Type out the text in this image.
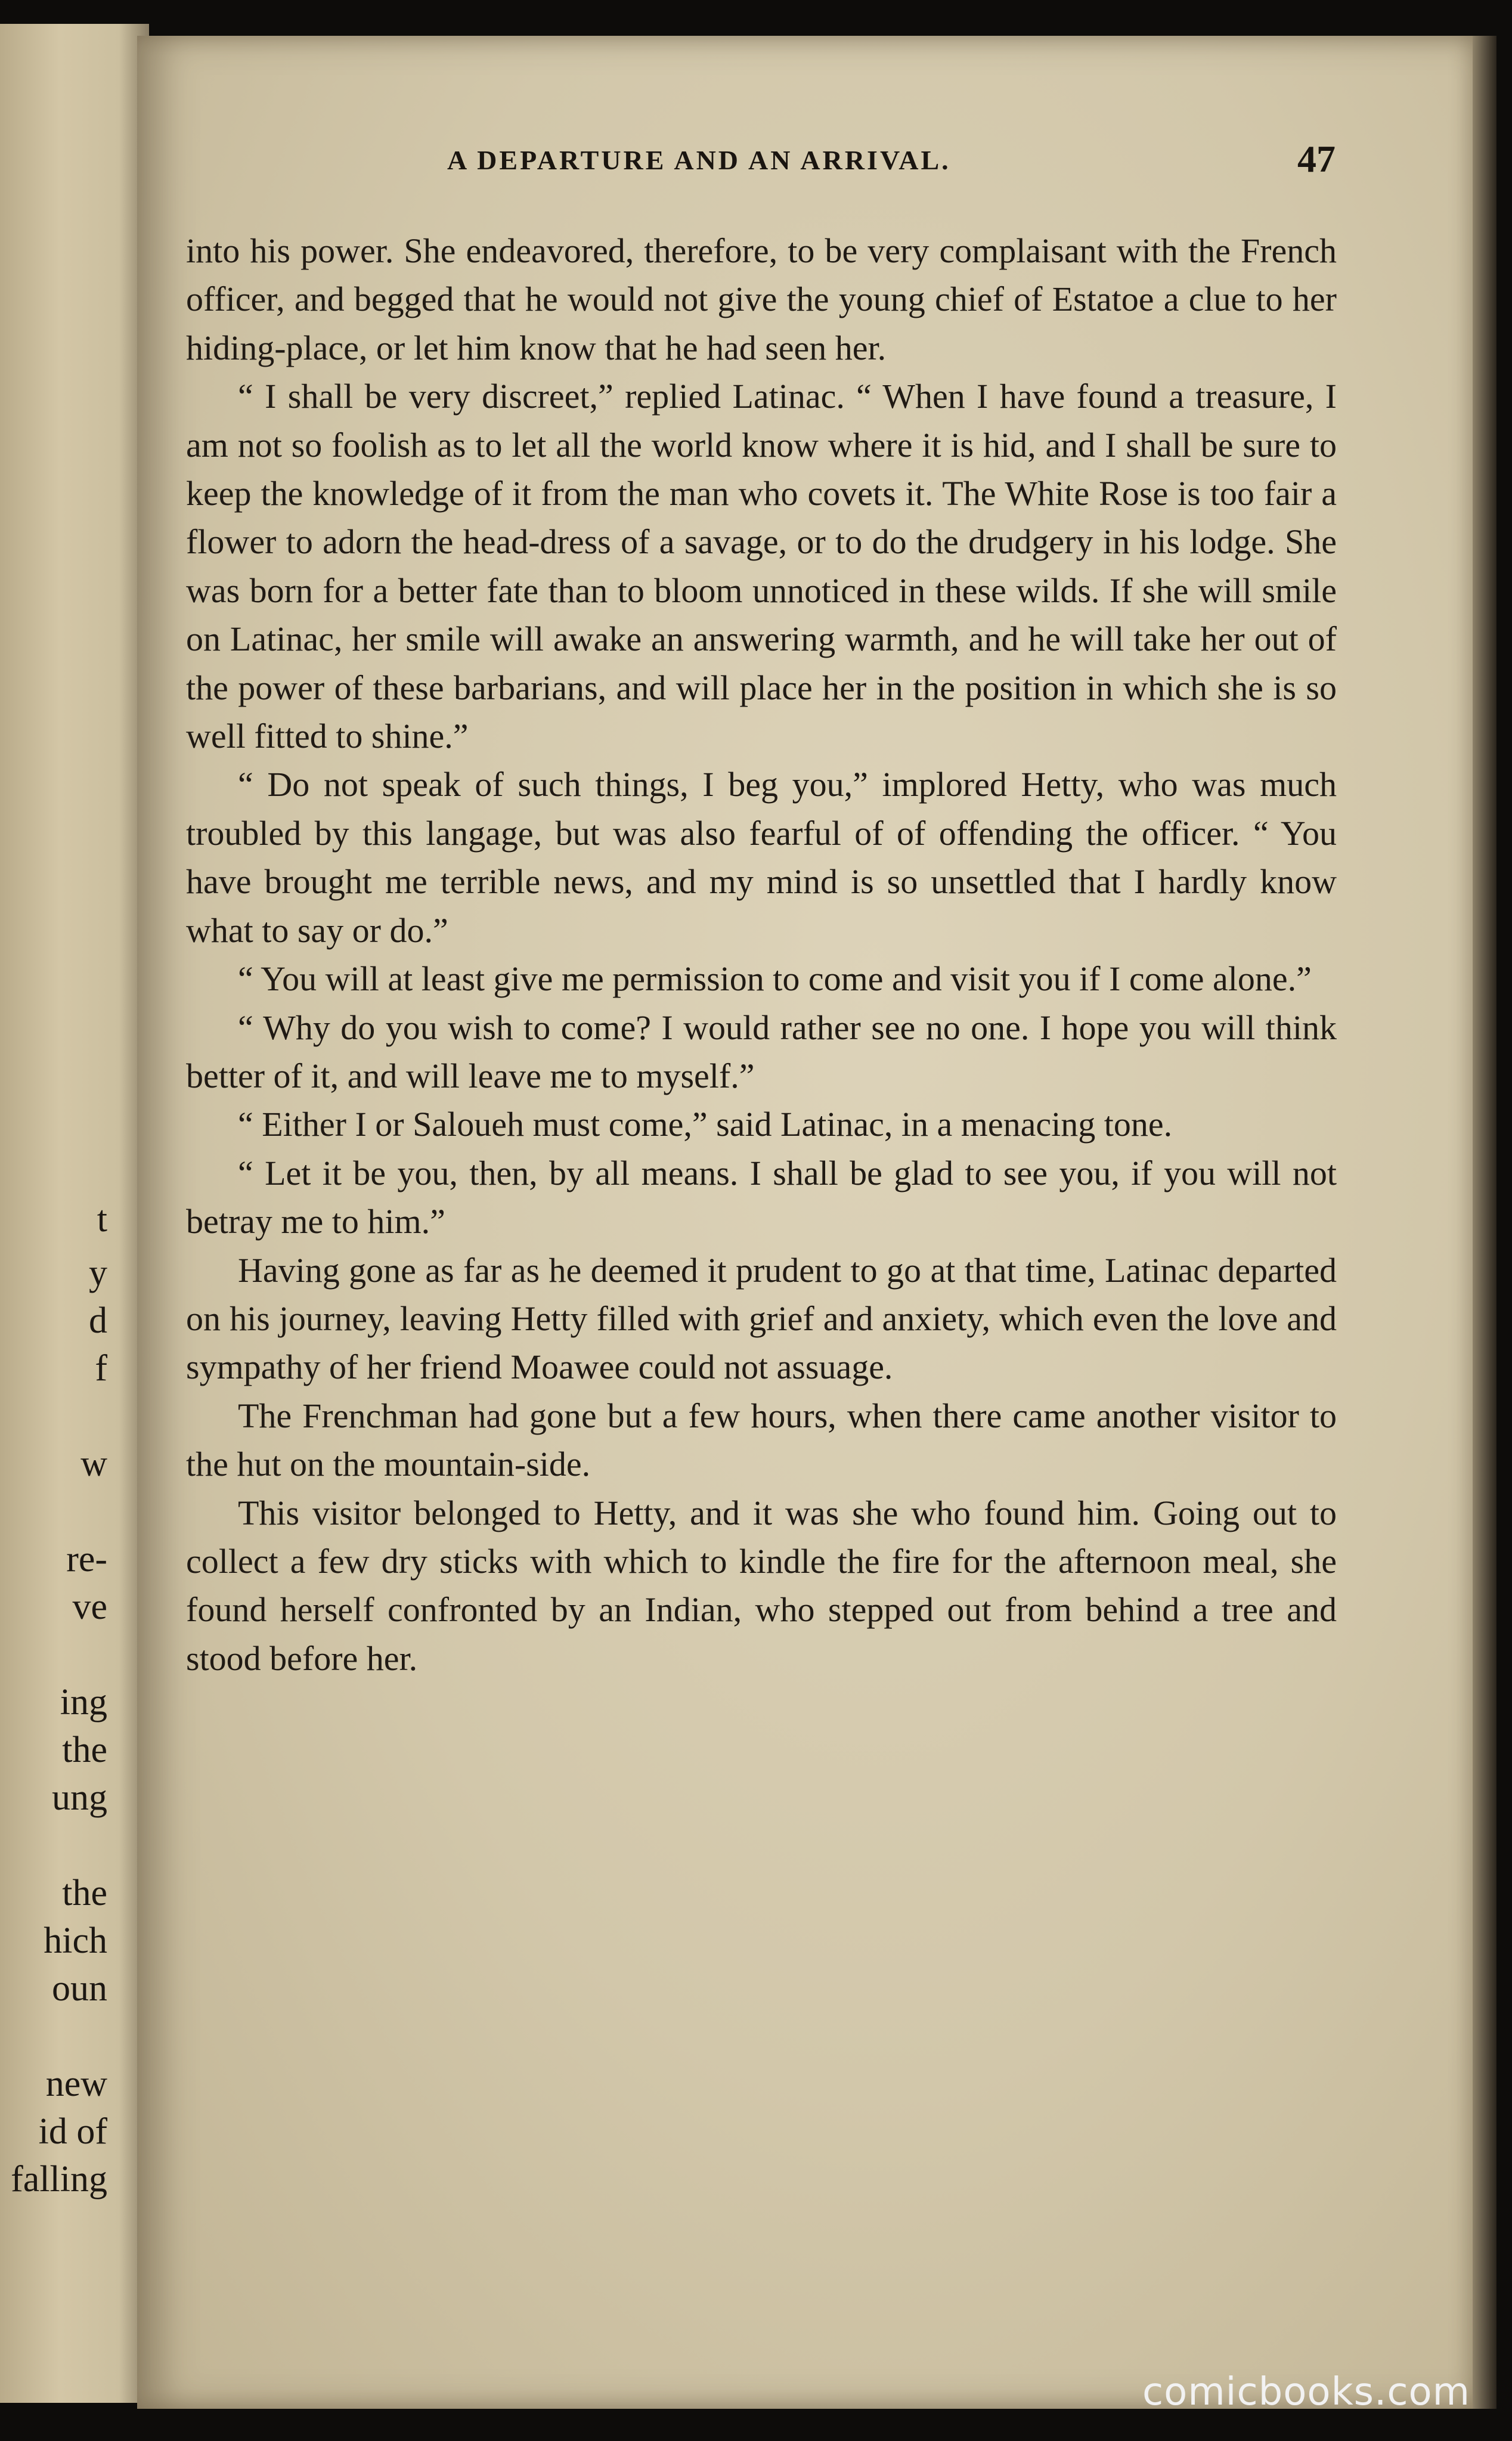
t
y
d
f
w
re-
ve
ing
the
ung
the
hich
oun
new
id of
falling
A DEPARTURE AND AN ARRIVAL.	47

into his power. She endeavored, therefore, to be very complaisant with the French officer, and begged that he would not give the young chief of Estatoe a clue to her hiding-place, or let him know that he had seen her.

“ I shall be very discreet,” replied Latinac. “ When I have found a treasure, I am not so foolish as to let all the world know where it is hid, and I shall be sure to keep the knowledge of it from the man who covets it. The White Rose is too fair a flower to adorn the head-dress of a savage, or to do the drudgery in his lodge. She was born for a better fate than to bloom unnoticed in these wilds. If she will smile on Latinac, her smile will awake an answering warmth, and he will take her out of the power of these barbarians, and will place her in the position in which she is so well fitted to shine.”

“ Do not speak of such things, I beg you,” implored Hetty, who was much troubled by this langage, but was also fearful of of offending the officer. “ You have brought me terrible news, and my mind is so unsettled that I hardly know what to say or do.”

“ You will at least give me permission to come and visit you if I come alone.”

“ Why do you wish to come? I would rather see no one. I hope you will think better of it, and will leave me to myself.”

“ Either I or Saloueh must come,” said Latinac, in a menacing tone.

“ Let it be you, then, by all means. I shall be glad to see you, if you will not betray me to him.”

Having gone as far as he deemed it prudent to go at that time, Latinac departed on his journey, leaving Hetty filled with grief and anxiety, which even the love and sympathy of her friend Moawee could not assuage.

The Frenchman had gone but a few hours, when there came another visitor to the hut on the mountain-side.

This visitor belonged to Hetty, and it was she who found him. Going out to collect a few dry sticks with which to kindle the fire for the afternoon meal, she found herself confronted by an Indian, who stepped out from behind a tree and stood before her.

comicbooks.com
